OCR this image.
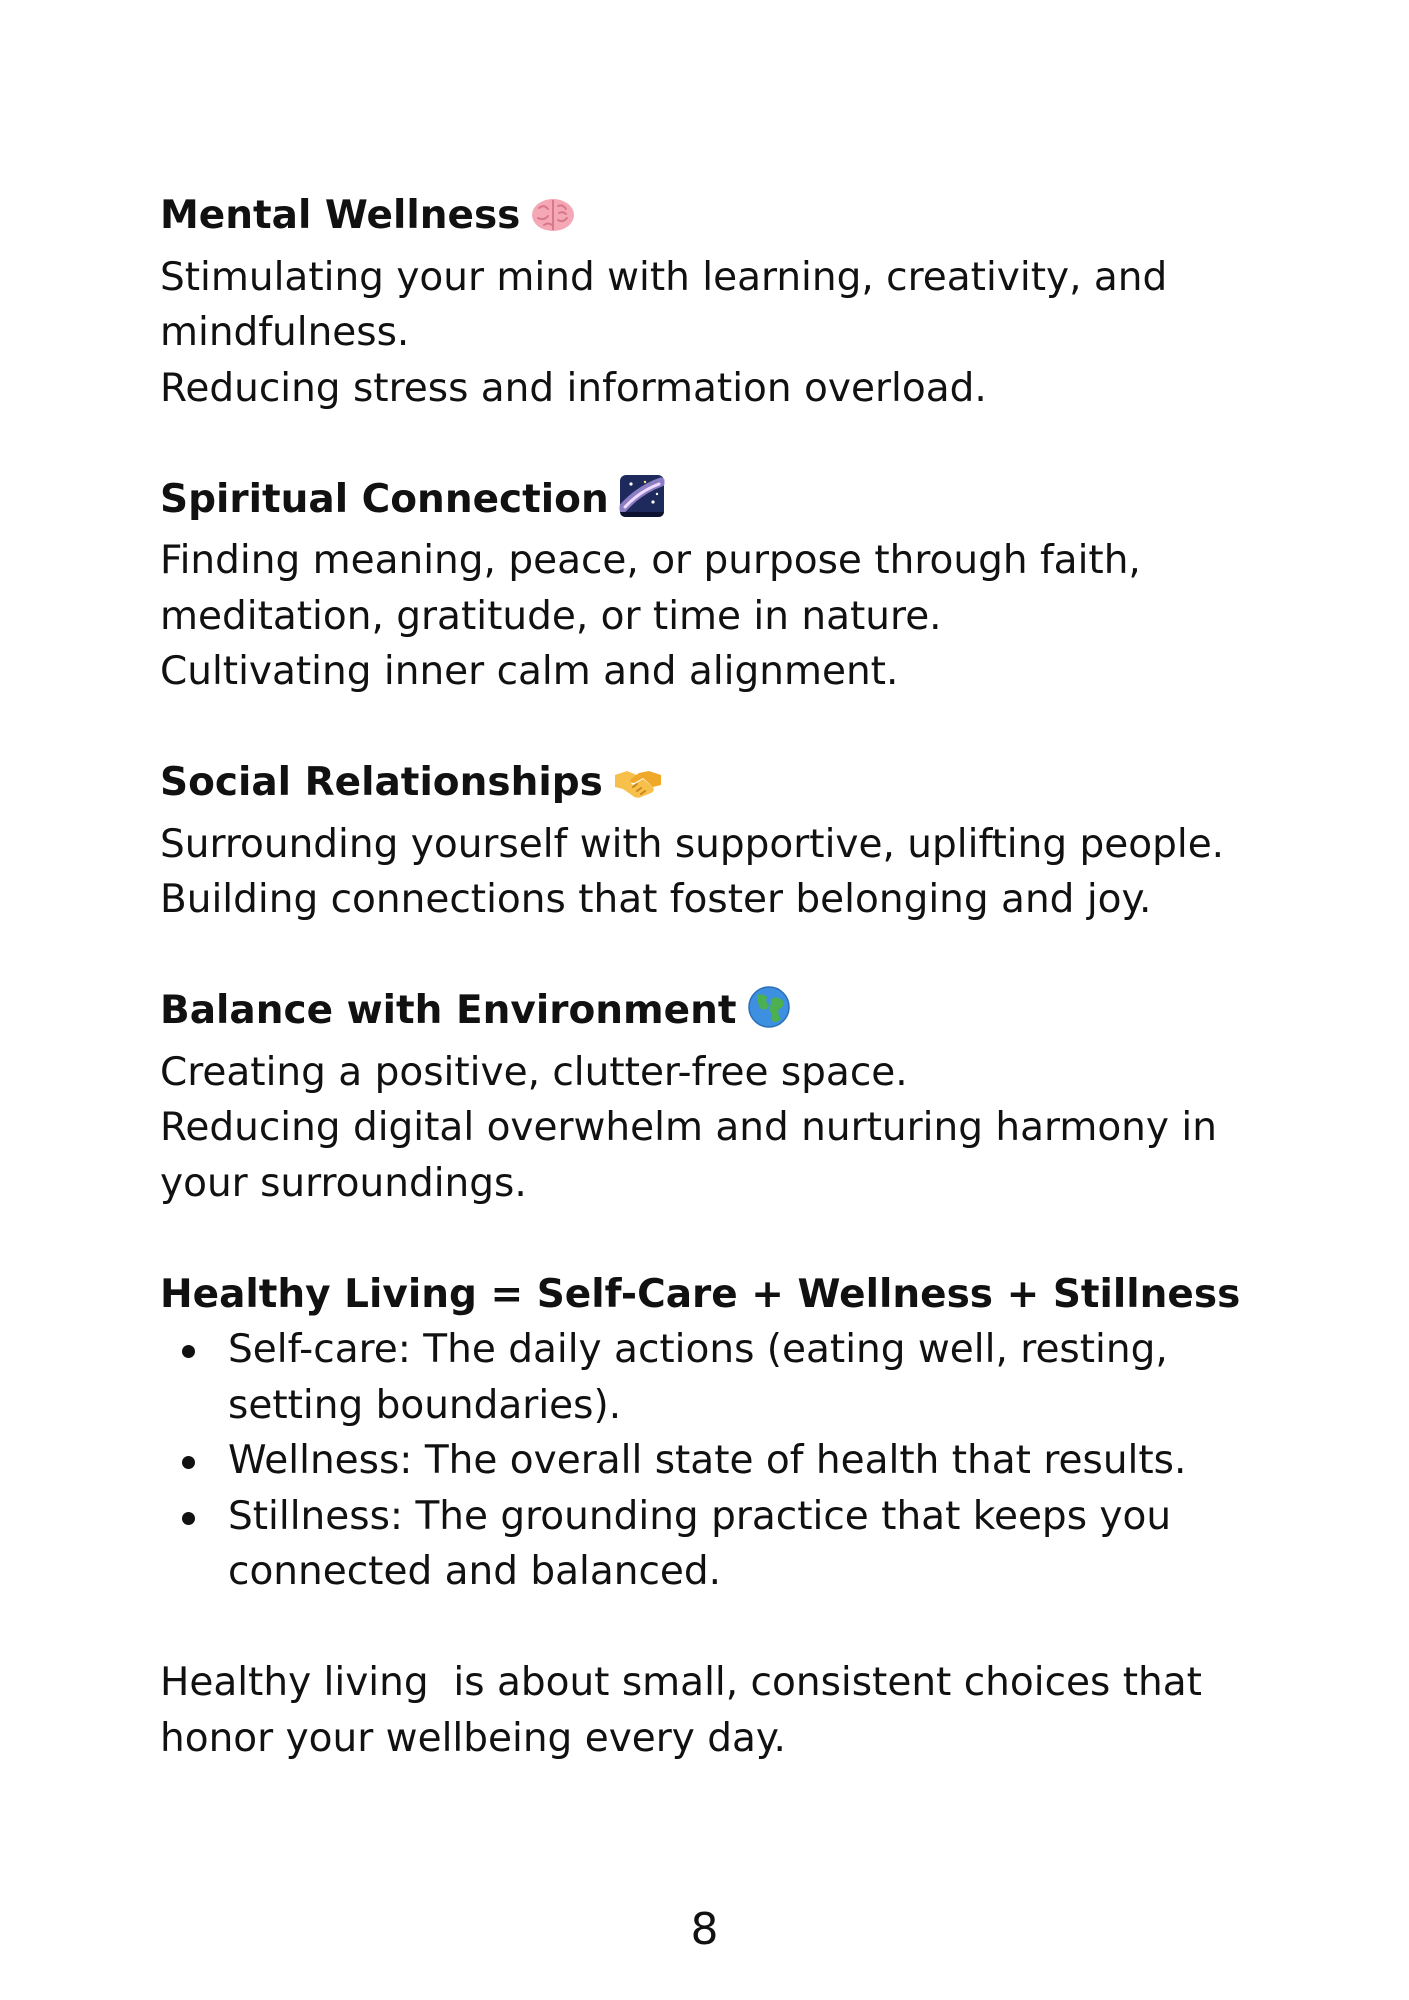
Mental Wellness
Stimulating your mind with learning, creativity, and
mindfulness.
Reducing stress and information overload.
Spiritual Connection
Finding meaning, peace, or purpose through faith,
meditation, gratitude, or time in nature.
Cultivating inner calm and alignment.
Social Relationships
Surrounding yourself with supportive, uplifting people.
Building connections that foster belonging and joy.
Balance with Environment
Creating a positive, clutter-free space.
Reducing digital overwhelm and nurturing harmony in
your surroundings.
Healthy Living = Self-Care + Wellness + Stillness
Self-care: The daily actions (eating well, resting,
setting boundaries).
Wellness: The overall state of health that results.
Stillness: The grounding practice that keeps you
connected and balanced.
Healthy living  is about small, consistent choices that
honor your wellbeing every day.
8
